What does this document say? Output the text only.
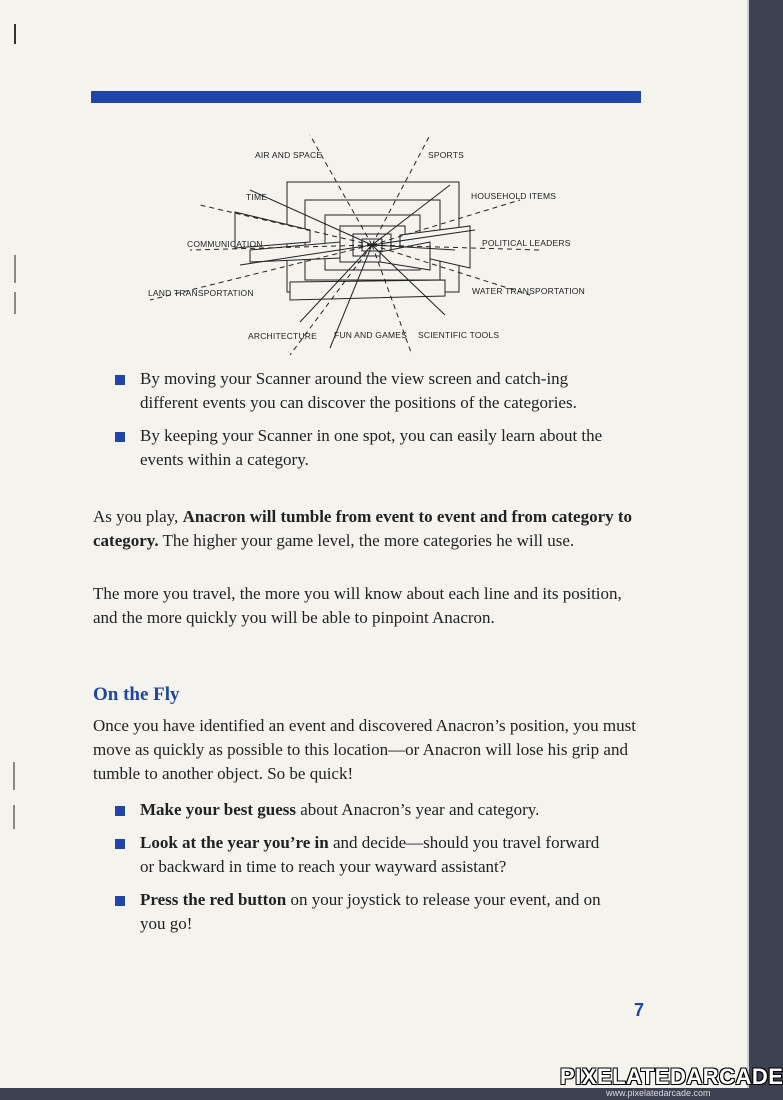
AIR AND SPACE	SPORTS
TIME	HOUSEHOLD ITEMS
COMMUNICATION	POLITICAL LEADERS
LAND TRANSPORTATION	WATER TRANSPORTATION
ARCHITECTURE FUN AND GAMES SCIENTIFIC TOOLS
By moving your Scanner around the view screen and catch-ing different events you can discover the positions of the categories.
By keeping your Scanner in one spot, you can easily learn about the events within a category.

As you play, Anacron will tumble from event to event and from category to category. The higher your game level, the more categories he will use.

The more you travel, the more you will know about each line and its position, and the more quickly you will be able to pinpoint Anacron.

On the Fly

Once you have identified an event and discovered Anacron’s position, you must move as quickly as possible to this location—or Anacron will lose his grip and tumble to another object. So be quick!

Make your best guess about Anacron’s year and category.
Look at the year you’re in and decide—should you travel forward or backward in time to reach your wayward assistant?
Press the red button on your joystick to release your event, and on you go!
7
PIXELATEDARCADE
www.pixelatedarcade.com
